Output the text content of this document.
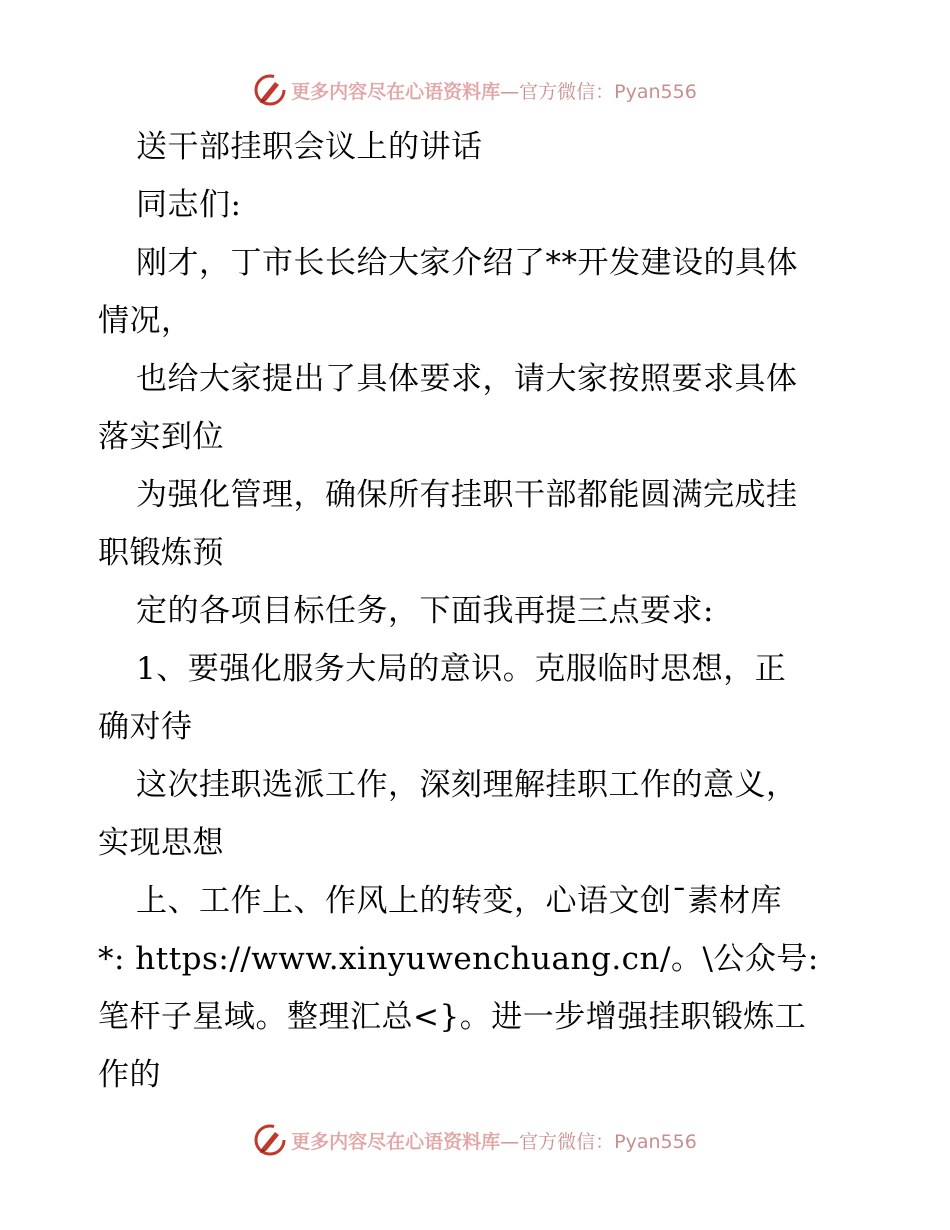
更多内容尽在心语资料库 —官方微信：Pyan556
送干部挂职会议上的讲话
同志们:
刚才，丁市长长给大家介绍了**开发建设的具体
情况，
也给大家提出了具体要求，请大家按照要求具体
落实到位
为强化管理，确保所有挂职干部都能圆满完成挂
职锻炼预
定的各项目标任务，下面我再提三点要求:
1、要强化服务大局的意识。克服临时思想，正
确对待
这次挂职选派工作，深刻理解挂职工作的意义，
实现思想
上、工作上、作风上的转变，心语文创¯素材库
*: https://www.xinyuwenchuang.cn/。\公众号:
笔杆子星域。整理汇总<}。进一步增强挂职锻炼工
作的
更多内容尽在心语资料库 —官方微信：Pyan556
